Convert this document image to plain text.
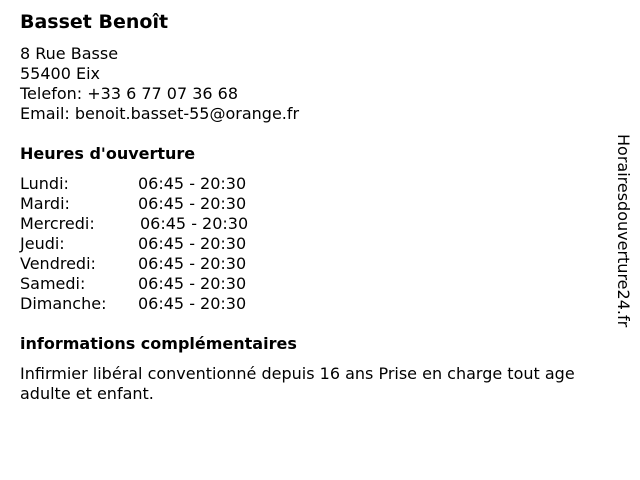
Basset Benoît
8 Rue Basse
55400 Eix
Telefon: +33 6 77 07 36 68
Email: benoit.basset-55@orange.fr
Heures d'ouverture
Lundi:	06:45 - 20:30
Mardi:	06:45 - 20:30
Mercredi:	06:45 - 20:30
Jeudi:	06:45 - 20:30
Vendredi:	06:45 - 20:30
Samedi:	06:45 - 20:30
Dimanche: 06:45 - 20:30
informations complémentaires
Infirmier libéral conventionné depuis 16 ans Prise en charge tout age adulte et enfant.
Horairesdouverture24.fr
